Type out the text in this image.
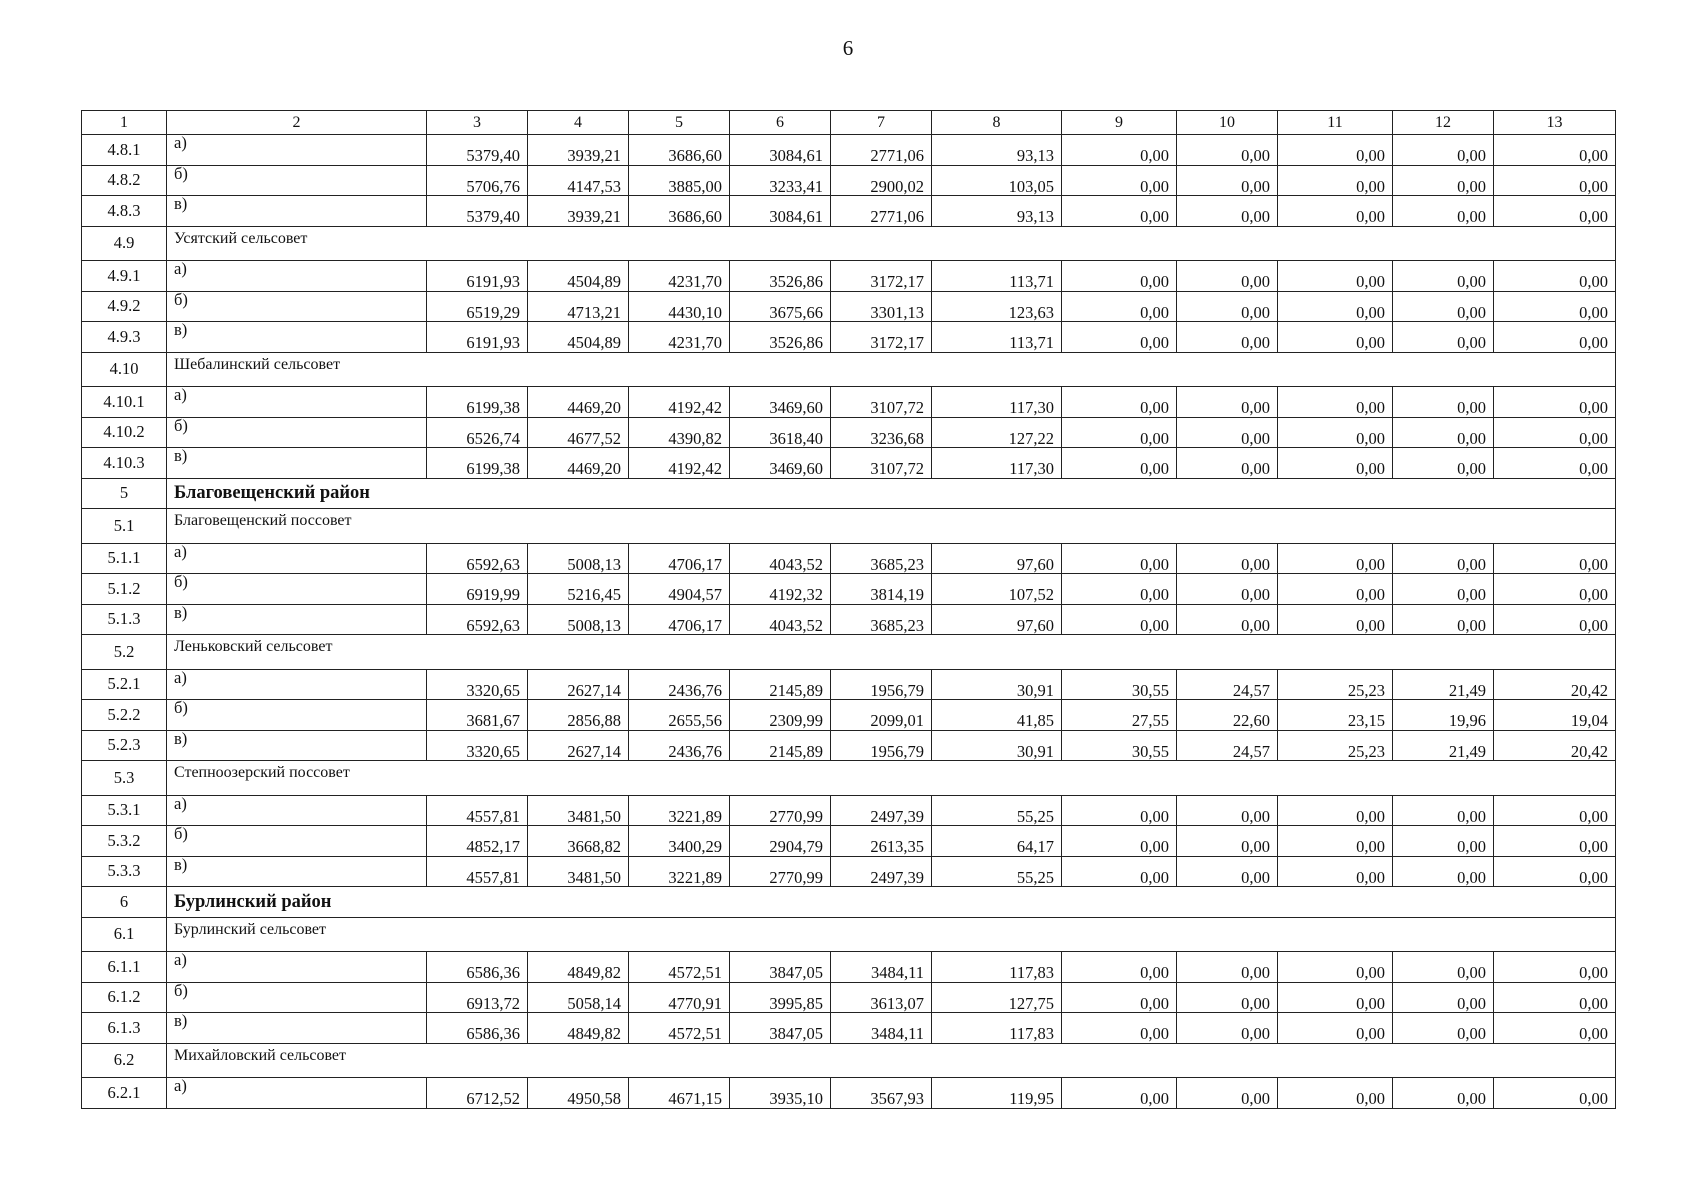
6
1	2	3	4	5	6	7	8	9	10	11	12	13
4.8.1	а)	5379,40	3939,21	3686,60	3084,61	2771,06	93,13	0,00	0,00	0,00	0,00	0,00
4.8.2	б)	5706,76	4147,53	3885,00	3233,41	2900,02	103,05	0,00	0,00	0,00	0,00	0,00
4.8.3	в)	5379,40	3939,21	3686,60	3084,61	2771,06	93,13	0,00	0,00	0,00	0,00	0,00
4.9	Усятский сельсовет											
4.9.1	а)	6191,93	4504,89	4231,70	3526,86	3172,17	113,71	0,00	0,00	0,00	0,00	0,00
4.9.2	б)	6519,29	4713,21	4430,10	3675,66	3301,13	123,63	0,00	0,00	0,00	0,00	0,00
4.9.3	в)	6191,93	4504,89	4231,70	3526,86	3172,17	113,71	0,00	0,00	0,00	0,00	0,00
4.10	Шебалинский сельсовет											
4.10.1	а)	6199,38	4469,20	4192,42	3469,60	3107,72	117,30	0,00	0,00	0,00	0,00	0,00
4.10.2	б)	6526,74	4677,52	4390,82	3618,40	3236,68	127,22	0,00	0,00	0,00	0,00	0,00
4.10.3	в)	6199,38	4469,20	4192,42	3469,60	3107,72	117,30	0,00	0,00	0,00	0,00	0,00
5	Благовещенский район											
5.1	Благовещенский поссовет											
5.1.1	а)	6592,63	5008,13	4706,17	4043,52	3685,23	97,60	0,00	0,00	0,00	0,00	0,00
5.1.2	б)	6919,99	5216,45	4904,57	4192,32	3814,19	107,52	0,00	0,00	0,00	0,00	0,00
5.1.3	в)	6592,63	5008,13	4706,17	4043,52	3685,23	97,60	0,00	0,00	0,00	0,00	0,00
5.2	Леньковский сельсовет											
5.2.1	а)	3320,65	2627,14	2436,76	2145,89	1956,79	30,91	30,55	24,57	25,23	21,49	20,42
5.2.2	б)	3681,67	2856,88	2655,56	2309,99	2099,01	41,85	27,55	22,60	23,15	19,96	19,04
5.2.3	в)	3320,65	2627,14	2436,76	2145,89	1956,79	30,91	30,55	24,57	25,23	21,49	20,42
5.3	Степноозерский поссовет											
5.3.1	а)	4557,81	3481,50	3221,89	2770,99	2497,39	55,25	0,00	0,00	0,00	0,00	0,00
5.3.2	б)	4852,17	3668,82	3400,29	2904,79	2613,35	64,17	0,00	0,00	0,00	0,00	0,00
5.3.3	в)	4557,81	3481,50	3221,89	2770,99	2497,39	55,25	0,00	0,00	0,00	0,00	0,00
6	Бурлинский район											
6.1	Бурлинский сельсовет											
6.1.1	а)	6586,36	4849,82	4572,51	3847,05	3484,11	117,83	0,00	0,00	0,00	0,00	0,00
6.1.2	б)	6913,72	5058,14	4770,91	3995,85	3613,07	127,75	0,00	0,00	0,00	0,00	0,00
6.1.3	в)	6586,36	4849,82	4572,51	3847,05	3484,11	117,83	0,00	0,00	0,00	0,00	0,00
6.2	Михайловский сельсовет											
6.2.1	а)	6712,52	4950,58	4671,15	3935,10	3567,93	119,95	0,00	0,00	0,00	0,00	0,00
